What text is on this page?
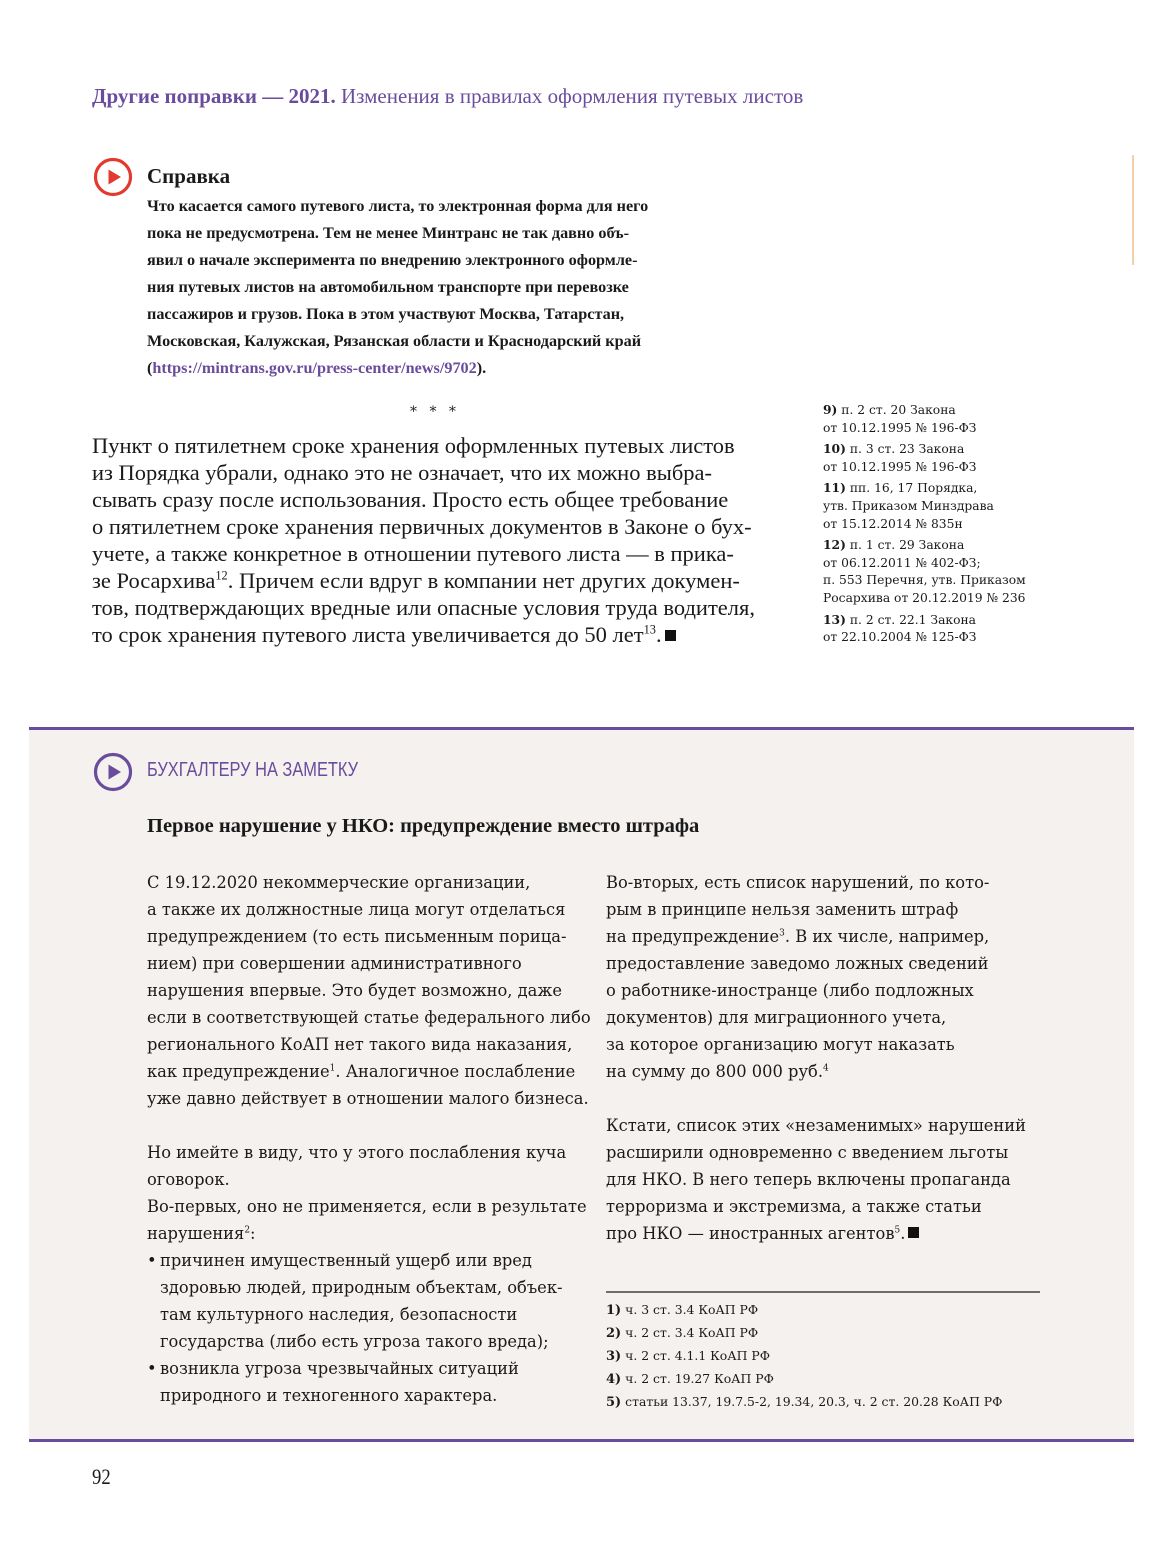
Другие поправки — 2021. Изменения в правилах оформления путевых листов
Справка
Что касается самого путевого листа, то электронная форма для него
пока не предусмотрена. Тем не менее Минтранс не так давно объ-
явил о начале эксперимента по внедрению электронного оформле-
ния путевых листов на автомобильном транспорте при перевозке
пассажиров и грузов. Пока в этом участвуют Москва, Татарстан,
Московская, Калужская, Рязанская области и Краснодарский край
(https://mintrans.gov.ru/press-center/news/9702).
* * *
Пункт о пятилетнем сроке хранения оформленных путевых листов
из Порядка убрали, однако это не означает, что их можно выбра-
сывать сразу после использования. Просто есть общее требование
о пятилетнем сроке хранения первичных документов в Законе о бух-
учете, а также конкретное в отношении путевого листа — в прика-
зе Росархива$^{12}$. Причем если вдруг в компании нет других докумен-
тов, подтверждающих вредные или опасные условия труда водителя,
то срок хранения путевого листа увеличивается до 50 лет$^{13}$.
9) п. 2 ст. 20 Закона
от 10.12.1995 № 196-ФЗ
10) п. 3 ст. 23 Закона
от 10.12.1995 № 196-ФЗ
11) пп. 16, 17 Порядка,
утв. Приказом Минздрава
от 15.12.2014 № 835н
12) п. 1 ст. 29 Закона
от 06.12.2011 № 402-ФЗ;
п. 553 Перечня, утв. Приказом
Росархива от 20.12.2019 № 236
13) п. 2 ст. 22.1 Закона
от 22.10.2004 № 125-ФЗ
БУХГАЛТЕРУ НА ЗАМЕТКУ
Первое нарушение у НКО: предупреждение вместо штрафа
С 19.12.2020 некоммерческие организации,
а также их должностные лица могут отделаться
предупреждением (то есть письменным порица-
нием) при совершении административного
нарушения впервые. Это будет возможно, даже
если в соответствующей статье федерального либо
регионального КоАП нет такого вида наказания,
как предупреждение$^1$. Аналогичное послабление
уже давно действует в отношении малого бизнеса.
Но имейте в виду, что у этого послабления куча
оговорок.
Во-первых, оно не применяется, если в результате
нарушения$^2$:
• причинен имущественный ущерб или вред
здоровью людей, природным объектам, объек-
там культурного наследия, безопасности
государства (либо есть угроза такого вреда);
• возникла угроза чрезвычайных ситуаций
природного и техногенного характера.
Во-вторых, есть список нарушений, по кото-
рым в принципе нельзя заменить штраф
на предупреждение$^3$. В их числе, например,
предоставление заведомо ложных сведений
о работнике-иностранце (либо подложных
документов) для миграционного учета,
за которое организацию могут наказать
на сумму до 800 000 руб.$^4$
Кстати, список этих «незаменимых» нарушений
расширили одновременно с введением льготы
для НКО. В него теперь включены пропаганда
терроризма и экстремизма, а также статьи
про НКО — иностранных агентов$^5$.
1) ч. 3 ст. 3.4 КоАП РФ
2) ч. 2 ст. 3.4 КоАП РФ
3) ч. 2 ст. 4.1.1 КоАП РФ
4) ч. 2 ст. 19.27 КоАП РФ
5) статьи 13.37, 19.7.5-2, 19.34, 20.3, ч. 2 ст. 20.28 КоАП РФ
92
